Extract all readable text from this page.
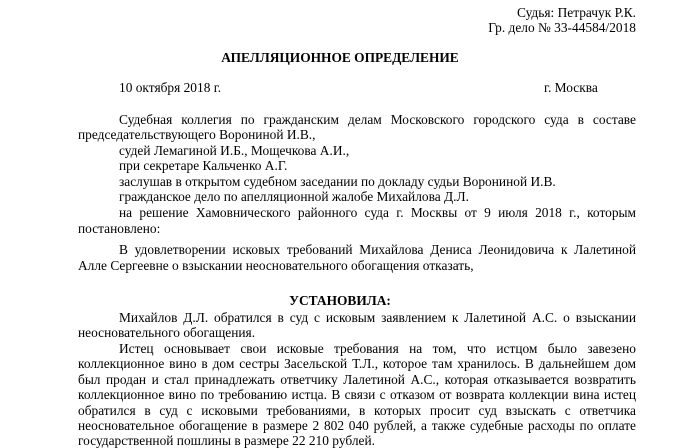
Судья: Петрачук Р.К.
Гр. дело № 33-44584/2018
АПЕЛЛЯЦИОННОЕ ОПРЕДЕЛЕНИЕ
10 октября 2018 г.	г. Москва
Судебная коллегия по гражданским делам Московского городского суда в составе
председательствующего Ворониной И.В.,
судей Лемагиной И.Б., Мощечкова А.И.,
при секретаре Кальченко А.Г.
заслушав в открытом судебном заседании по докладу судьи Ворониной И.В.
гражданское дело по апелляционной жалобе Михайлова Д.Л.
на решение Хамовнического районного суда г. Москвы от 9 июля 2018 г., которым
постановлено:
В удовлетворении исковых требований Михайлова Дениса Леонидовича к Лалетиной
Алле Сергеевне о взыскании неосновательного обогащения отказать,
УСТАНОВИЛА:
Михайлов Д.Л. обратился в суд с исковым заявлением к Лалетиной А.С. о взыскании
неосновательного обогащения.
Истец основывает свои исковые требования на том, что истцом было завезено
коллекционное вино в дом сестры Засельской Т.Л., которое там хранилось. В дальнейшем дом
был продан и стал принадлежать ответчику Лалетиной А.С., которая отказывается возвратить
коллекционное вино по требованию истца. В связи с отказом от возврата коллекции вина истец
обратился в суд с исковыми требованиями, в которых просит суд взыскать с ответчика
неосновательное обогащение в размере 2 802 040 рублей, а также судебные расходы по оплате
государственной пошлины в размере 22 210 рублей.
